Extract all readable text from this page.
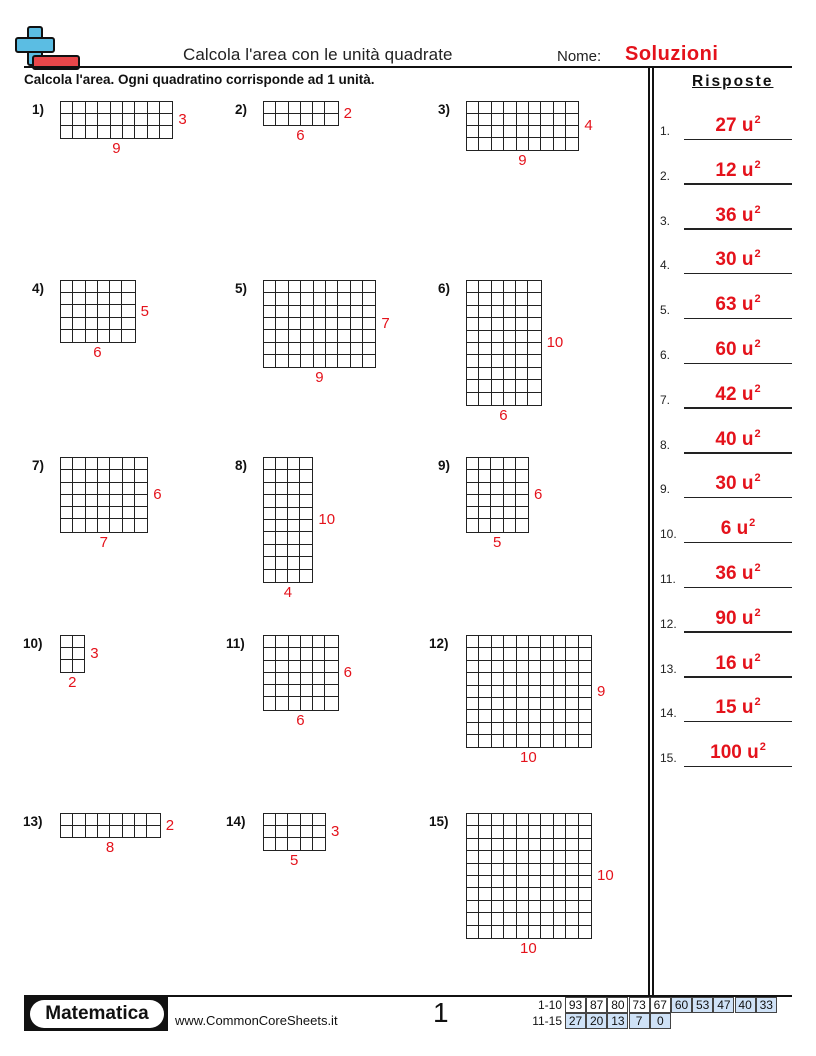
Calcola l'area con le unità quadrate	Nome: Soluzioni
Calcola l'area. Ogni quadratino corrisponde ad 1 unità.	Risposte
1.	27 $u^2$
2.	12 $u^2$
3.	36 $u^2$
4.	30 $u^2$
5.	63 $u^2$
6.	60 $u^2$
7.	42 $u^2$
8.	40 $u^2$
9.	30 $u^2$
10.	6 $u^2$
11.	36 $u^2$
12.	90 $u^2$
13.	16 $u^2$
14.	15 $u^2$
15.	100 $u^2$
1)
3
9
2)	2
6
3)
4
9
4)
5
6
5)
7
9
6)
10
6
7)
6
7
8)
10
4
9)
6
5
10)
3
2
11)
6
6
12)
9
10
13)	2
8
14)
3
5
15)
10
10
Matematica	www.CommonCoreSheets.it	1	1-10 93 87 80 73 67 60 53 47 40 33
11-15 27 20 13 7	0
